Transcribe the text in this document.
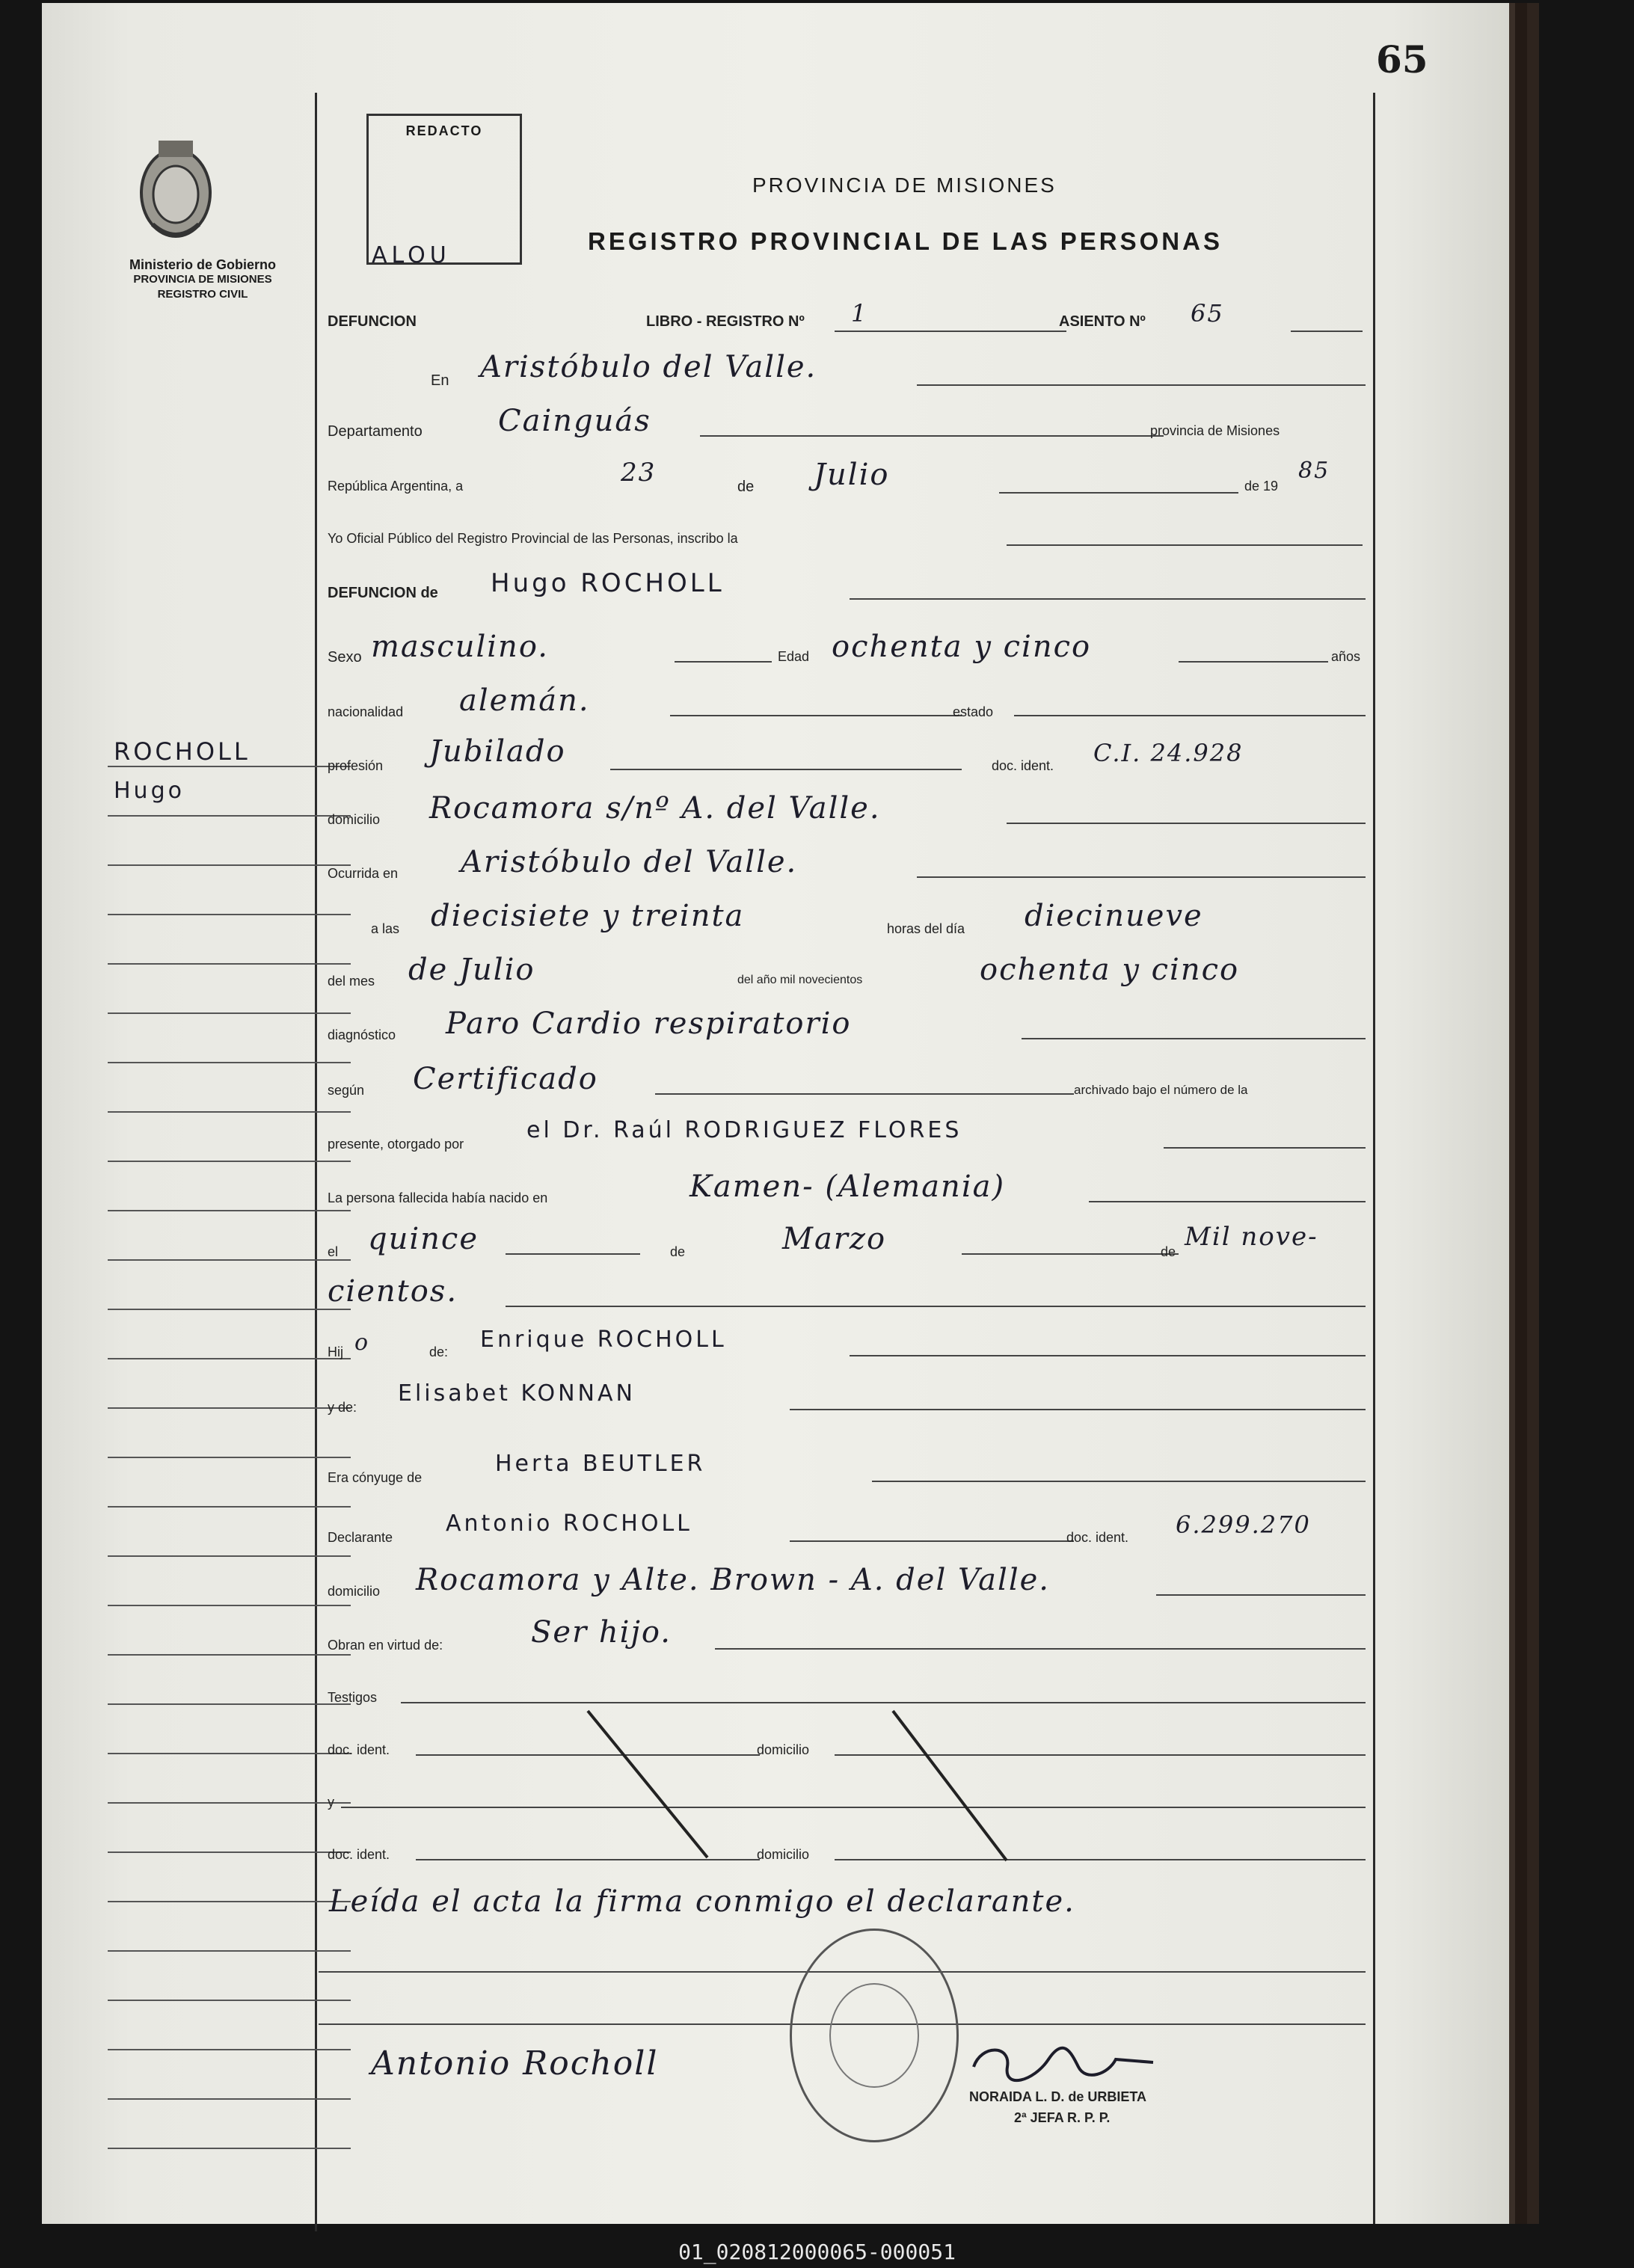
65
Ministerio de Gobierno
PROVINCIA DE MISIONES
REGISTRO CIVIL
REDACTO
ALOU
PROVINCIA DE MISIONES
REGISTRO PROVINCIAL DE LAS PERSONAS
ROCHOLL
Hugo
DEFUNCION	LIBRO - REGISTRO Nº 1	ASIENTO Nº 65
En Aristóbulo del Valle.
Departamento	Cainguás	provincia de Misiones
República Argentina, a	23	de Julio	de 19
85
Yo Oficial Público del Registro Provincial de las Personas, inscribo la
DEFUNCION de Hugo ROCHOLL
Sexo masculino.	Edad ochenta y cinco	años
nacionalidad alemán.	estado
profesión Jubilado	doc. ident. C.I. 24.928
domicilio Rocamora s/nº A. del Valle.
Ocurrida en Aristóbulo del Valle.
a las diecisiete y treinta	horas del día diecinueve
del mes de Julio	del año mil novecientos	ochenta y cinco
diagnóstico Paro Cardio respiratorio
según Certificado	archivado bajo el número de la
presente, otorgado por
el Dr. Raúl RODRIGUEZ FLORES
La persona fallecida había nacido en	Kamen- (Alemania)
el quince	de	Marzo	de Mil nove-
cientos.
Hij o	de: Enrique ROCHOLL
y de:
Elisabet KONNAN
Era cónyuge de
Herta BEUTLER
Declarante
Antonio ROCHOLL
doc. ident. 6.299.270
domicilio Rocamora y Alte. Brown - A. del Valle.
Obran en virtud de:	Ser hijo.
Testigos
doc. ident.	domicilio
y
doc. ident.	domicilio
Leída el acta la firma conmigo el declarante.
Antonio Rocholl
NORAIDA L. D. de URBIETA
2ª JEFA R. P. P.
01_020812000065-000051
